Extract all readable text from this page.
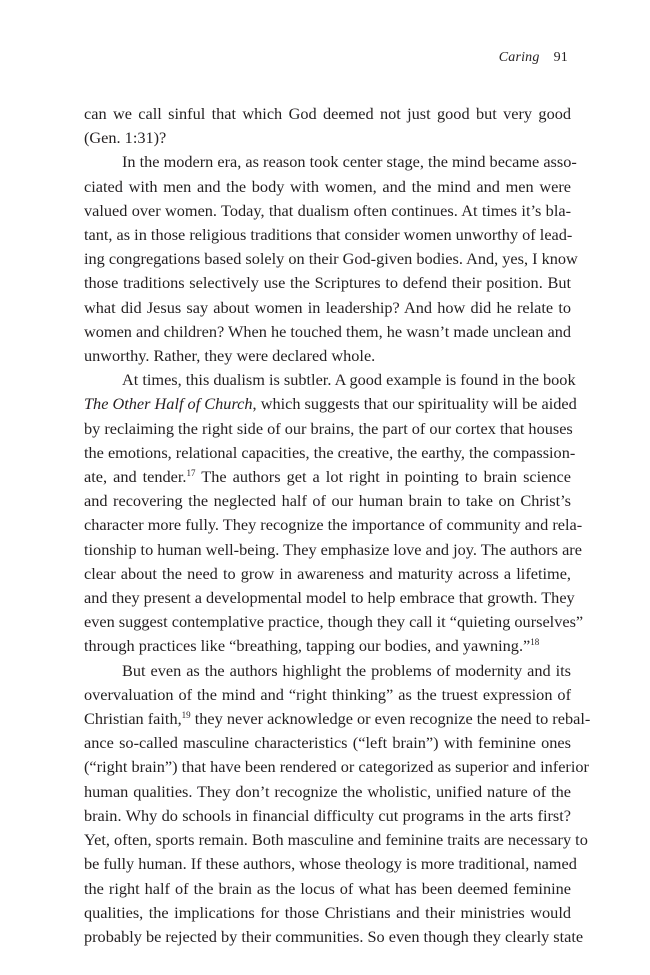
Caring 91
can we call sinful that which God deemed not just good but very good
(Gen. 1:31)?
In the modern era, as reason took center stage, the mind became asso-
ciated with men and the body with women, and the mind and men were
valued over women. Today, that dualism often continues. At times it’s bla-
tant, as in those religious traditions that consider women unworthy of lead-
ing congregations based solely on their God-given bodies. And, yes, I know
those traditions selectively use the Scriptures to defend their position. But
what did Jesus say about women in leadership? And how did he relate to
women and children? When he touched them, he wasn’t made unclean and
unworthy. Rather, they were declared whole.
At times, this dualism is subtler. A good example is found in the book
The Other Half of Church, which suggests that our spirituality will be aided
by reclaiming the right side of our brains, the part of our cortex that houses
the emotions, relational capacities, the creative, the earthy, the compassion-
ate, and tender.$^{17}$ The authors get a lot right in pointing to brain science
and recovering the neglected half of our human brain to take on Christ’s
character more fully. They recognize the importance of community and rela-
tionship to human well-being. They emphasize love and joy. The authors are
clear about the need to grow in awareness and maturity across a lifetime,
and they present a developmental model to help embrace that growth. They
even suggest contemplative practice, though they call it “quieting ourselves”
through practices like “breathing, tapping our bodies, and yawning.”$^{18}$
But even as the authors highlight the problems of modernity and its
overvaluation of the mind and “right thinking” as the truest expression of
Christian faith,$^{19}$ they never acknowledge or even recognize the need to rebal-
ance so-called masculine characteristics (“left brain”) with feminine ones
(“right brain”) that have been rendered or categorized as superior and inferior
human qualities. They don’t recognize the wholistic, unified nature of the
brain. Why do schools in financial difficulty cut programs in the arts first?
Yet, often, sports remain. Both masculine and feminine traits are necessary to
be fully human. If these authors, whose theology is more traditional, named
the right half of the brain as the locus of what has been deemed feminine
qualities, the implications for those Christians and their ministries would
probably be rejected by their communities. So even though they clearly state
